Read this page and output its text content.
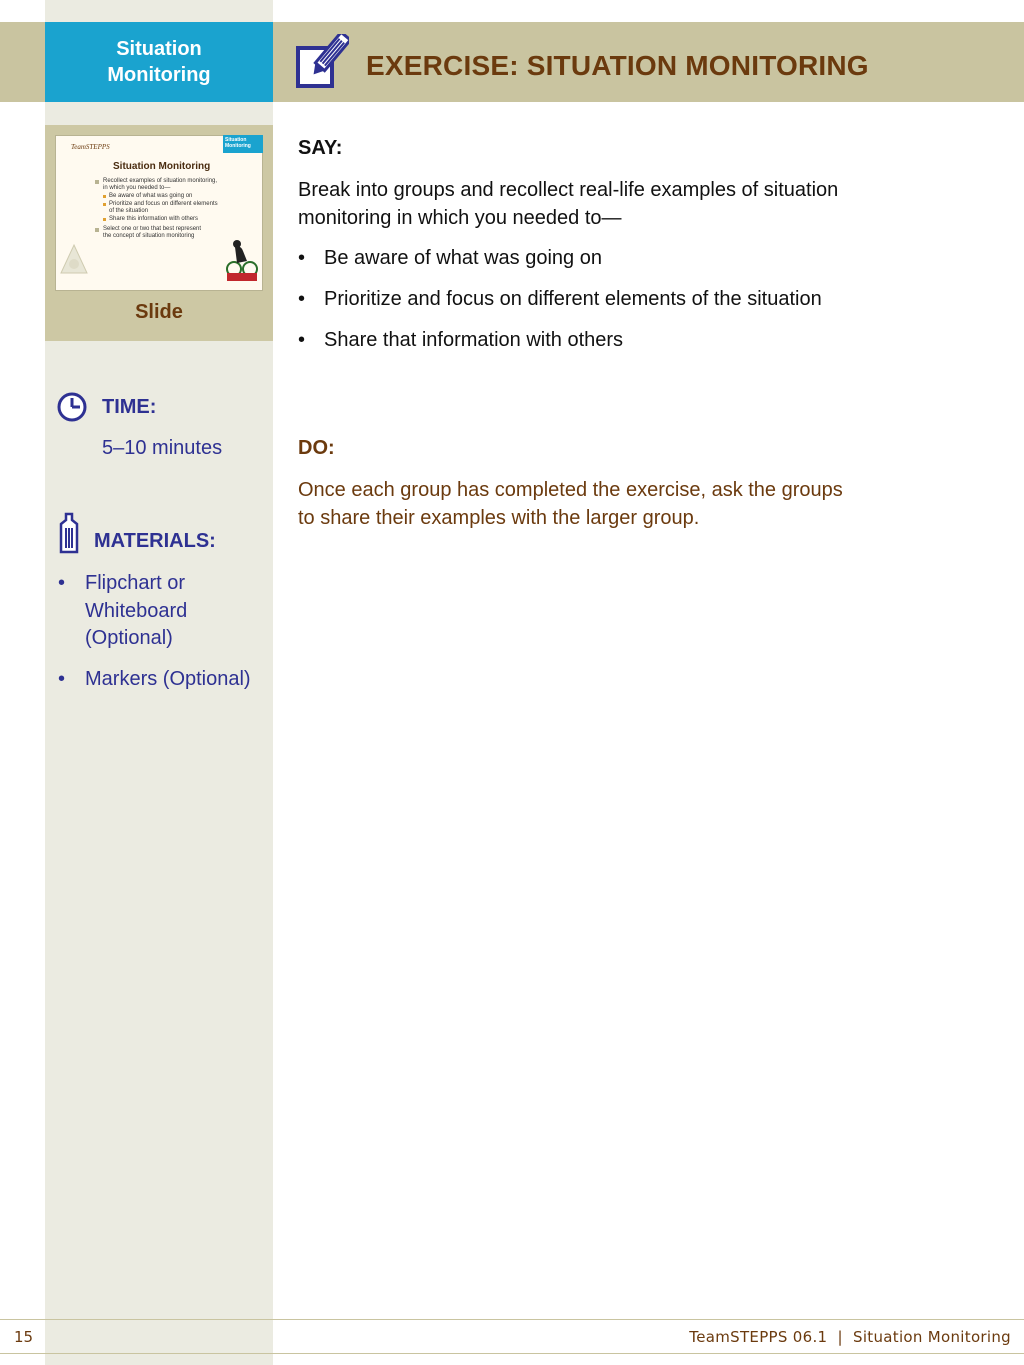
Situation Monitoring	EXERCISE: SITUATION MONITORING
Situation Monitoring
TeamSTEPPS
Situation Monitoring
Recollect examples of situation monitoring,
in which you needed to—
Be aware of what was going on
Prioritize and focus on different elements
of the situation
Share this information with others
Select one or two that best represent
the concept of situation monitoring
Slide
TIME:
5–10 minutes
MATERIALS:
• Flipchart or Whiteboard (Optional)
• Markers (Optional)
SAY:

Break into groups and recollect real-life examples of situation monitoring in which you needed to—

• Be aware of what was going on
• Prioritize and focus on different elements of the situation
• Share that information with others
DO:

Once each group has completed the exercise, ask the groups to share their examples with the larger group.

15	TeamSTEPPS 06.1  |  Situation Monitoring
